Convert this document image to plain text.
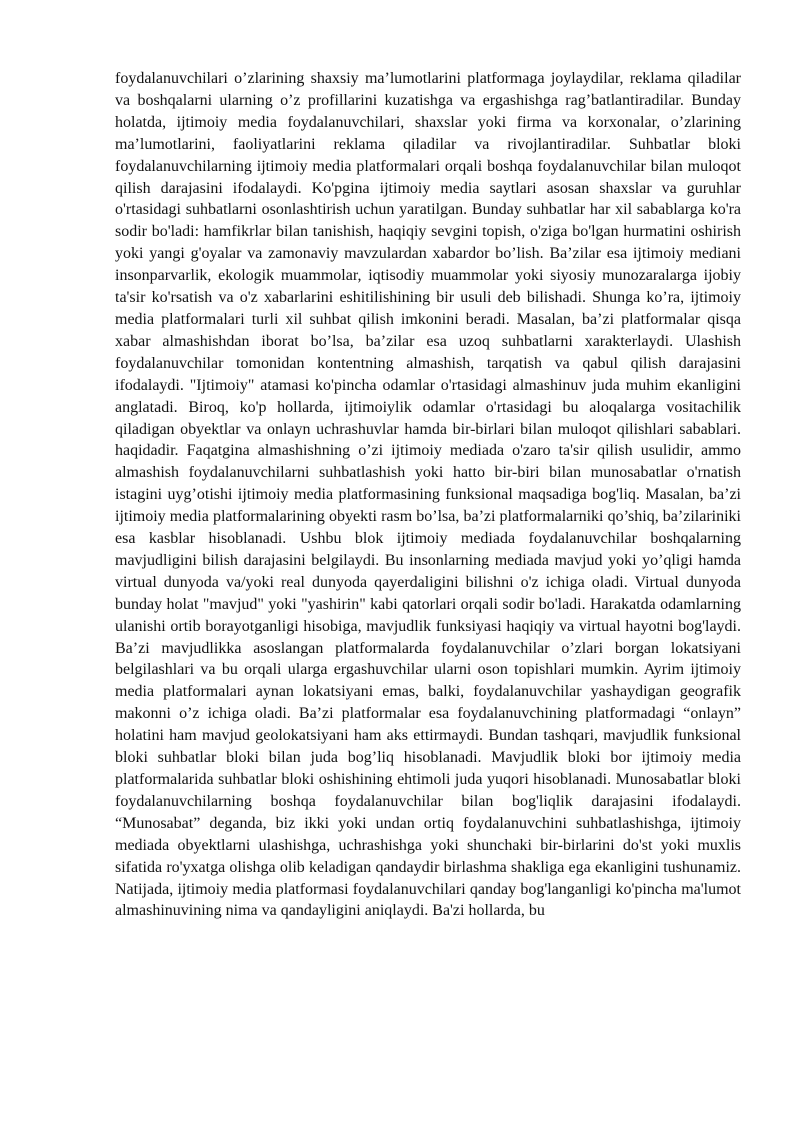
foydalanuvchilari o’zlarining shaxsiy ma’lumotlarini platformaga joylaydilar, reklama qiladilar va boshqalarni ularning o’z profillarini kuzatishga va ergashishga rag’batlantiradilar. Bunday holatda, ijtimoiy media foydalanuvchilari, shaxslar yoki firma va korxonalar, o’zlarining ma’lumotlarini, faoliyatlarini reklama qiladilar va rivojlantiradilar. Suhbatlar bloki foydalanuvchilarning ijtimoiy media platformalari orqali boshqa foydalanuvchilar bilan muloqot qilish darajasini ifodalaydi. Ko'pgina ijtimoiy media saytlari asosan shaxslar va guruhlar o'rtasidagi suhbatlarni osonlashtirish uchun yaratilgan. Bunday suhbatlar har xil sabablarga ko'ra sodir bo'ladi: hamfikrlar bilan tanishish, haqiqiy sevgini topish, o'ziga bo'lgan hurmatini oshirish yoki yangi g'oyalar va zamonaviy mavzulardan xabardor bo’lish. Ba’zilar esa ijtimoiy mediani insonparvarlik, ekologik muammolar, iqtisodiy muammolar yoki siyosiy munozaralarga ijobiy ta'sir ko'rsatish va o'z xabarlarini eshitilishining bir usuli deb bilishadi. Shunga ko’ra, ijtimoiy media platformalari turli xil suhbat qilish imkonini beradi. Masalan, ba’zi platformalar qisqa xabar almashishdan iborat bo’lsa, ba’zilar esa uzoq suhbatlarni xarakterlaydi. Ulashish foydalanuvchilar tomonidan kontentning almashish, tarqatish va qabul qilish darajasini ifodalaydi. "Ijtimoiy" atamasi ko'pincha odamlar o'rtasidagi almashinuv juda muhim ekanligini anglatadi. Biroq, ko'p hollarda, ijtimoiylik odamlar o'rtasidagi bu aloqalarga vositachilik qiladigan obyektlar va onlayn uchrashuvlar hamda bir-birlari bilan muloqot qilishlari sabablari. haqidadir. Faqatgina almashishning o’zi ijtimoiy mediada o'zaro ta'sir qilish usulidir, ammo almashish foydalanuvchilarni suhbatlashish yoki hatto bir-biri bilan munosabatlar o'rnatish istagini uyg’otishi ijtimoiy media platformasining funksional maqsadiga bog'liq. Masalan, ba’zi ijtimoiy media platformalarining obyekti rasm bo’lsa, ba’zi platformalarniki qo’shiq, ba’zilariniki esa kasblar hisoblanadi. Ushbu blok ijtimoiy mediada foydalanuvchilar boshqalarning mavjudligini bilish darajasini belgilaydi. Bu insonlarning mediada mavjud yoki yo’qligi hamda virtual dunyoda va/yoki real dunyoda qayerdaligini bilishni o'z ichiga oladi. Virtual dunyoda bunday holat "mavjud" yoki "yashirin" kabi qatorlari orqali sodir bo'ladi. Harakatda odamlarning ulanishi ortib borayotganligi hisobiga, mavjudlik funksiyasi haqiqiy va virtual hayotni bog'laydi. Ba’zi mavjudlikka asoslangan platformalarda foydalanuvchilar o’zlari borgan lokatsiyani belgilashlari va bu orqali ularga ergashuvchilar ularni oson topishlari mumkin. Ayrim ijtimoiy media platformalari aynan lokatsiyani emas, balki, foydalanuvchilar yashaydigan geografik makonni o’z ichiga oladi. Ba’zi platformalar esa foydalanuvchining platformadagi “onlayn” holatini ham mavjud geolokatsiyani ham aks ettirmaydi. Bundan tashqari, mavjudlik funksional bloki suhbatlar bloki bilan juda bog’liq hisoblanadi. Mavjudlik bloki bor ijtimoiy media platformalarida suhbatlar bloki oshishining ehtimoli juda yuqori hisoblanadi. Munosabatlar bloki foydalanuvchilarning boshqa foydalanuvchilar bilan bog'liqlik darajasini ifodalaydi. “Munosabat” deganda, biz ikki yoki undan ortiq foydalanuvchini suhbatlashishga, ijtimoiy mediada obyektlarni ulashishga, uchrashishga yoki shunchaki bir-birlarini do'st yoki muxlis sifatida ro'yxatga olishga olib keladigan qandaydir birlashma shakliga ega ekanligini tushunamiz. Natijada, ijtimoiy media platformasi foydalanuvchilari qanday bog'langanligi ko'pincha ma'lumot almashinuvining nima va qandayligini aniqlaydi. Ba'zi hollarda, bu
